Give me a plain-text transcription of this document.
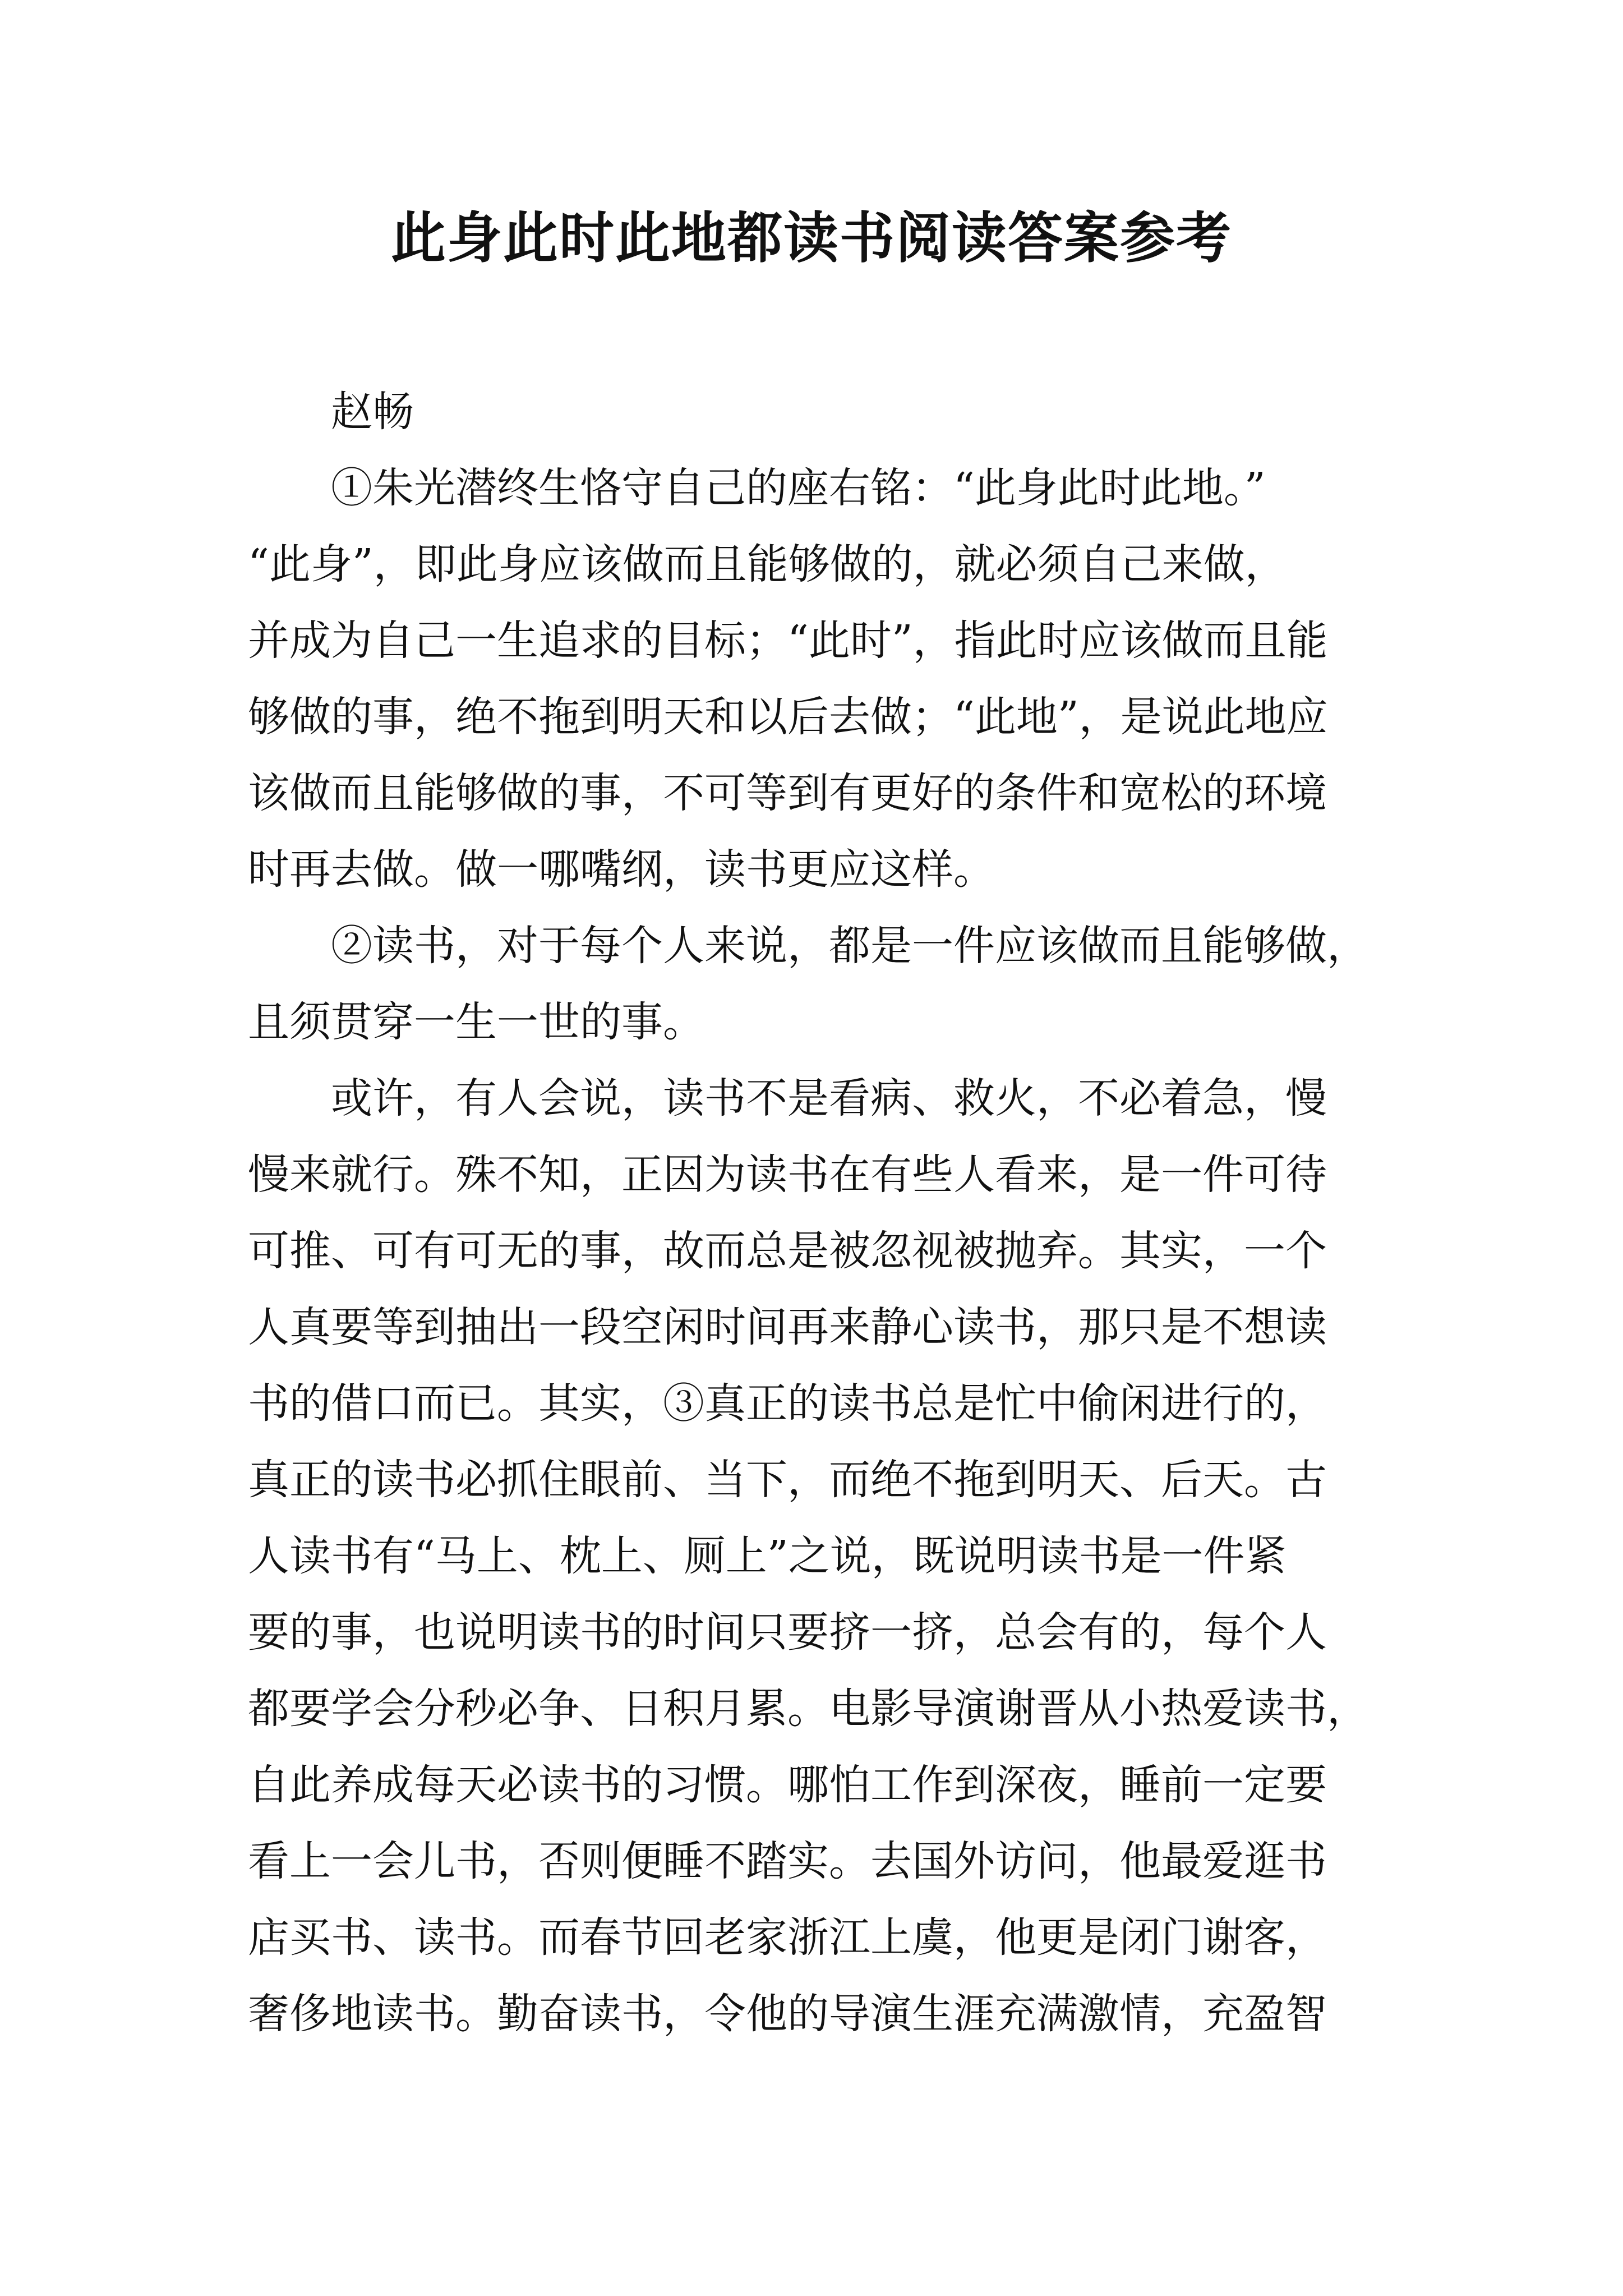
此身此时此地都读书阅读答案参考

赵畅

①朱光潜终生恪守自己的座右铭：“此身此时此地。”
“此身”，即此身应该做而且能够做的，就必须自己来做，
并成为自己一生追求的目标；“此时”，指此时应该做而且能
够做的事，绝不拖到明天和以后去做；“此地”，是说此地应
该做而且能够做的事，不可等到有更好的条件和宽松的环境
时再去做。做一哪嘴纲，读书更应这样。

②读书，对于每个人来说，都是一件应该做而且能够做，
且须贯穿一生一世的事。

或许，有人会说，读书不是看病、救火，不必着急，慢
慢来就行。殊不知，正因为读书在有些人看来，是一件可待
可推、可有可无的事，故而总是被忽视被抛弃。其实，一个
人真要等到抽出一段空闲时间再来静心读书，那只是不想读
书的借口而已。其实，③真正的读书总是忙中偷闲进行的，
真正的读书必抓住眼前、当下，而绝不拖到明天、后天。古
人读书有“马上、枕上、厕上”之说，既说明读书是一件紧
要的事，也说明读书的时间只要挤一挤，总会有的，每个人
都要学会分秒必争、日积月累。电影导演谢晋从小热爱读书，
自此养成每天必读书的习惯。哪怕工作到深夜，睡前一定要
看上一会儿书，否则便睡不踏实。去国外访问，他最爱逛书
店买书、读书。而春节回老家浙江上虞，他更是闭门谢客，
奢侈地读书。勤奋读书，令他的导演生涯充满激情，充盈智
